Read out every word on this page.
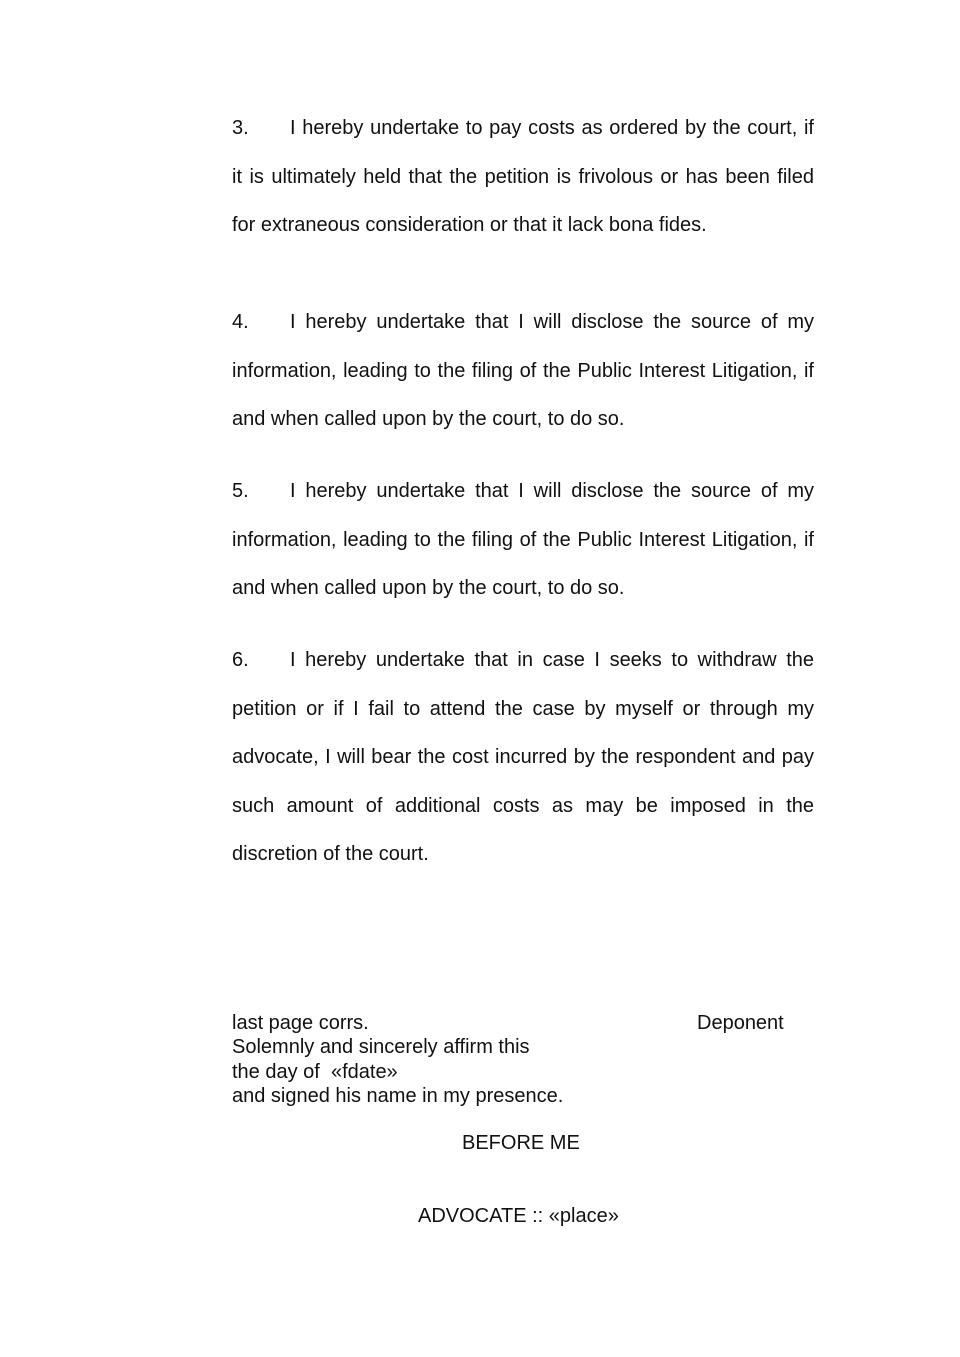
3. I hereby undertake to pay costs as ordered by the court, if it is ultimately held that the petition is frivolous or has been filed for extraneous consideration or that it lack bona fides.

4. I hereby undertake that I will disclose the source of my information, leading to the filing of the Public Interest Litigation, if and when called upon by the court, to do so.

5. I hereby undertake that I will disclose the source of my information, leading to the filing of the Public Interest Litigation, if and when called upon by the court, to do so.

6. I hereby undertake that in case I seeks to withdraw the petition or if I fail to attend the case by myself or through my advocate, I will bear the cost incurred by the respondent and pay such amount of additional costs as may be imposed in the discretion of the court.

last page corrs.
Solemnly and sincerely affirm this
the day of  «fdate»
and signed his name in my presence.
Deponent
BEFORE ME
ADVOCATE :: «place»
